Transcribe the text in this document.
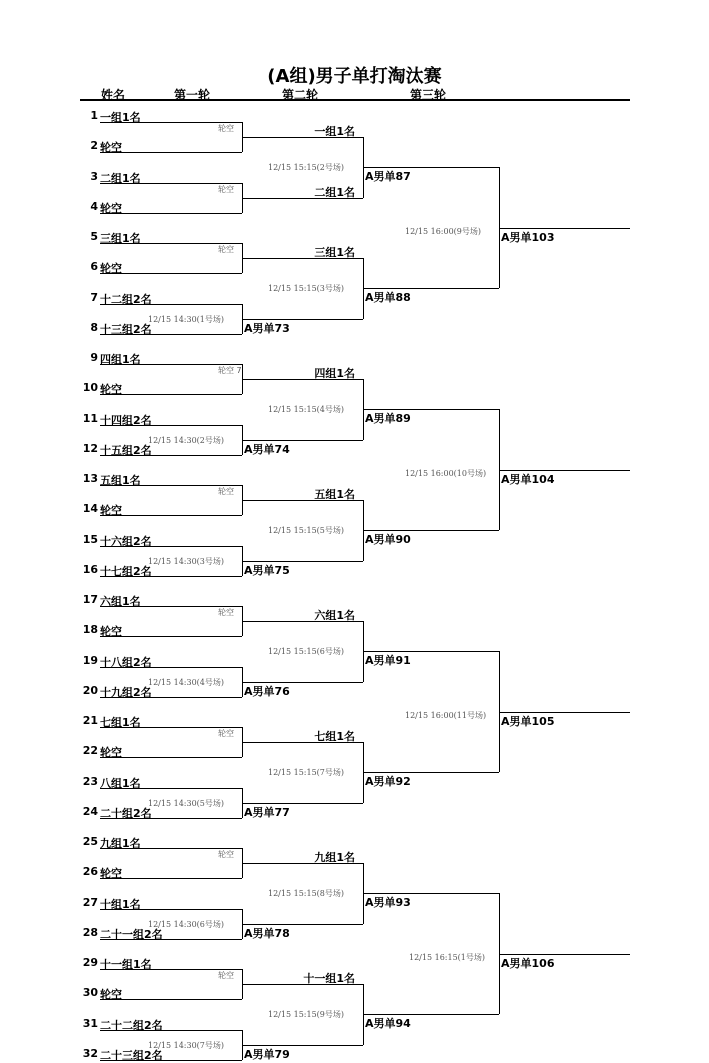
(A组)男子单打淘汰赛
姓名	第一轮	第二轮	第三轮
1 一组1名
2 轮空
3 二组1名
4 轮空
5 三组1名
6 轮空
7 十二组2名
8 十三组2名
9 四组1名
10 轮空
11 十四组2名
12 十五组2名
13 五组1名
14 轮空
15 十六组2名
16 十七组2名
17 六组1名
18 轮空
19 十八组2名
20 十九组2名
21 七组1名
22 轮空
23 八组1名
24 二十组2名
25 九组1名
26 轮空
27 十组1名
28 二十一组2名
29 十一组1名
30 轮空
31 二十二组2名
32 二十三组2名
轮空	一组1名
轮空	二组1名
轮空	三组1名
12/15 14:30(1号场)
A男单73
轮空 7	四组1名
12/15 14:30(2号场)
A男单74
轮空	五组1名
12/15 14:30(3号场)
A男单75
轮空	六组1名
12/15 14:30(4号场)
A男单76
轮空	七组1名
12/15 14:30(5号场)
A男单77
轮空	九组1名
12/15 14:30(6号场)
A男单78
轮空	十一组1名
12/15 14:30(7号场)
A男单79
12/15 15:15(2号场)
A男单87
12/15 15:15(3号场)
A男单88
12/15 15:15(4号场)
A男单89
12/15 15:15(5号场)
A男单90
12/15 15:15(6号场)
A男单91
12/15 15:15(7号场)
A男单92
12/15 15:15(8号场)
A男单93
12/15 15:15(9号场)
A男单94
12/15 16:00(9号场) A男单103
12/15 16:00(10号场) A男单104
12/15 16:00(11号场) A男单105
12/15 16:15(1号场) A男单106
